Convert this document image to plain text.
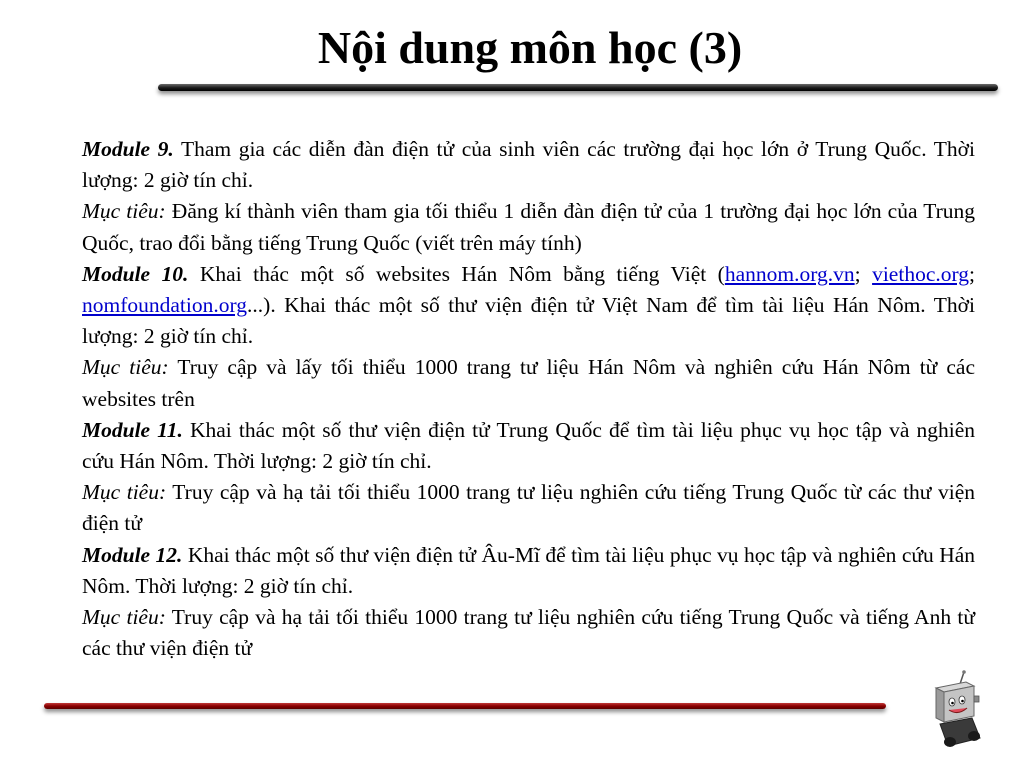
Nội dung môn học (3)

Module 9. Tham gia các diễn đàn điện tử của sinh viên các trường đại học lớn ở Trung Quốc. Thời lượng: 2 giờ tín chỉ.

Mục tiêu: Đăng kí thành viên tham gia tối thiểu 1 diễn đàn điện tử của 1 trường đại học lớn của Trung Quốc, trao đổi bằng tiếng Trung Quốc (viết trên máy tính)

Module 10. Khai thác một số websites Hán Nôm bằng tiếng Việt (hannom.org.vn; viethoc.org; nomfoundation.org...). Khai thác một số thư viện điện tử Việt Nam để tìm tài liệu Hán Nôm. Thời lượng: 2 giờ tín chỉ.

Mục tiêu: Truy cập và lấy tối thiểu 1000 trang tư liệu Hán Nôm và nghiên cứu Hán Nôm từ các websites trên

Module 11. Khai thác một số thư viện điện tử Trung Quốc để tìm tài liệu phục vụ học tập và nghiên cứu Hán Nôm. Thời lượng: 2 giờ tín chỉ.

Mục tiêu: Truy cập và hạ tải tối thiểu 1000 trang tư liệu nghiên cứu tiếng Trung Quốc từ các thư viện điện tử

Module 12. Khai thác một số thư viện điện tử Âu-Mĩ để tìm tài liệu phục vụ học tập và nghiên cứu Hán Nôm. Thời lượng: 2 giờ tín chỉ.

Mục tiêu: Truy cập và hạ tải tối thiểu 1000 trang tư liệu nghiên cứu tiếng Trung Quốc và tiếng Anh từ các thư viện điện tử
